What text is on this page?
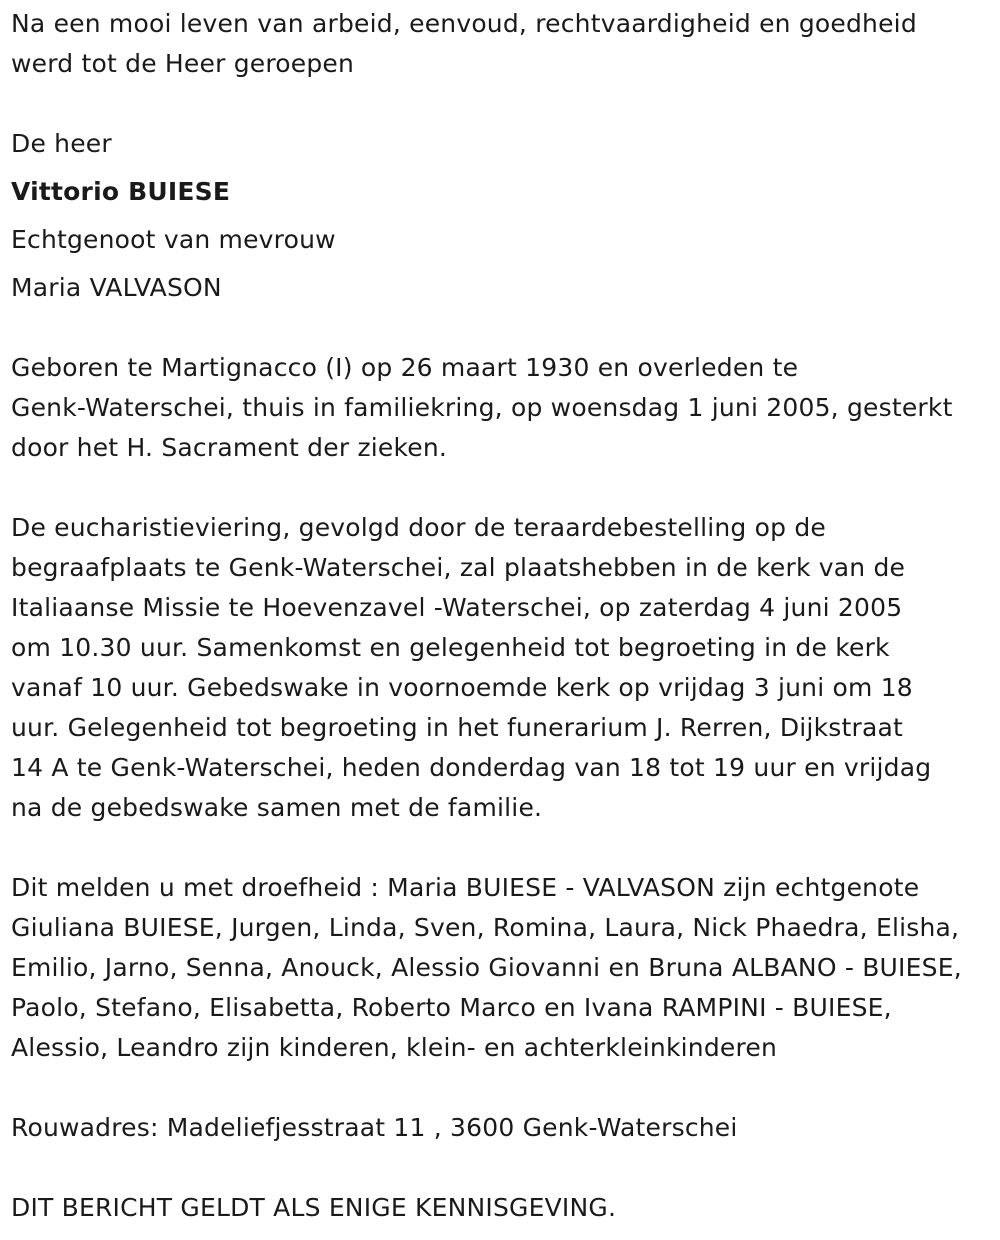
Na een mooi leven van arbeid, eenvoud, rechtvaardigheid en goedheid
werd tot de Heer geroepen

De heer

Vittorio BUIESE

Echtgenoot van mevrouw

Maria VALVASON

Geboren te Martignacco (I) op 26 maart 1930 en overleden te
Genk-Waterschei, thuis in familiekring, op woensdag 1 juni 2005, gesterkt
door het H. Sacrament der zieken.

De eucharistieviering, gevolgd door de teraardebestelling op de
begraafplaats te Genk-Waterschei, zal plaatshebben in de kerk van de
Italiaanse Missie te Hoevenzavel -Waterschei, op zaterdag 4 juni 2005
om 10.30 uur. Samenkomst en gelegenheid tot begroeting in de kerk
vanaf 10 uur. Gebedswake in voornoemde kerk op vrijdag 3 juni om 18
uur. Gelegenheid tot begroeting in het funerarium J. Rerren, Dijkstraat
14 A te Genk-Waterschei, heden donderdag van 18 tot 19 uur en vrijdag
na de gebedswake samen met de familie.

Dit melden u met droefheid : Maria BUIESE - VALVASON zijn echtgenote
Giuliana BUIESE, Jurgen, Linda, Sven, Romina, Laura, Nick Phaedra, Elisha,
Emilio, Jarno, Senna, Anouck, Alessio Giovanni en Bruna ALBANO - BUIESE,
Paolo, Stefano, Elisabetta, Roberto Marco en Ivana RAMPINI - BUIESE,
Alessio, Leandro zijn kinderen, klein- en achterkleinkinderen

Rouwadres: Madeliefjesstraat 11 , 3600 Genk-Waterschei

DIT BERICHT GELDT ALS ENIGE KENNISGEVING.
